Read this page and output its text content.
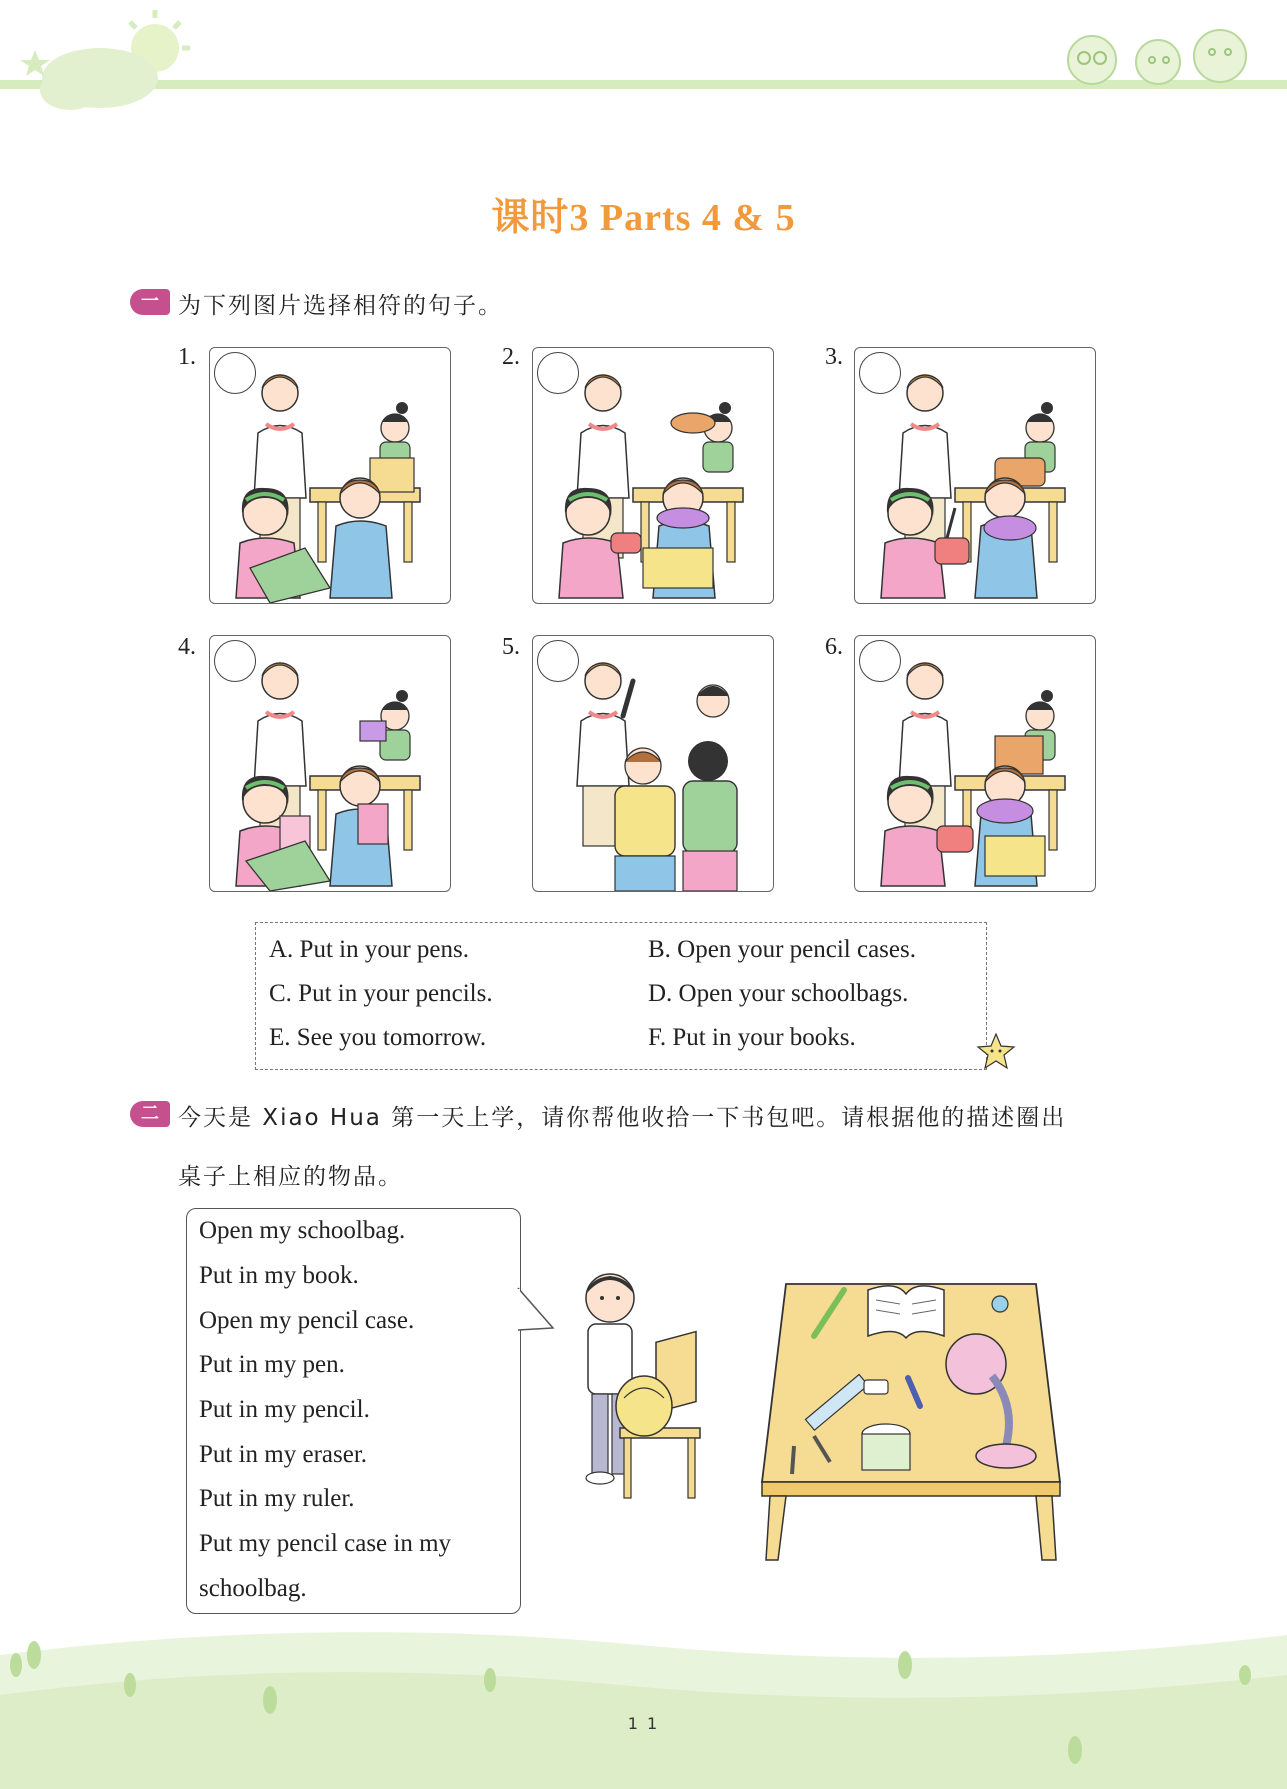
课时3 Parts 4 & 5
一 为下列图片选择相符的句子。
1.	2.	3.
4.	5.	6.
A. Put in your pens.	B. Open your pencil cases.
C. Put in your pencils.	D. Open your schoolbags.
E. See you tomorrow.	F. Put in your books.
二 今天是 Xiao Hua 第一天上学，请你帮他收拾一下书包吧。请根据他的描述圈出
桌子上相应的物品。
Open my schoolbag.
Put in my book.
Open my pencil case.
Put in my pen.
Put in my pencil.
Put in my eraser.
Put in my ruler.
Put my pencil case in my
schoolbag.
1 1
